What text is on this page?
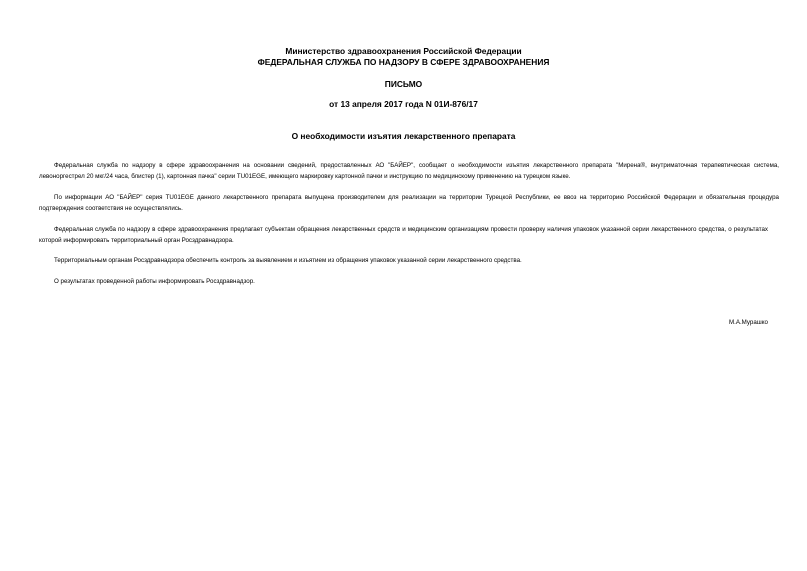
Министерство здравоохранения Российской Федерации
ФЕДЕРАЛЬНАЯ СЛУЖБА ПО НАДЗОРУ В СФЕРЕ ЗДРАВООХРАНЕНИЯ
ПИСЬМО
от 13 апреля 2017 года N 01И-876/17
О необходимости изъятия лекарственного препарата
Федеральная служба по надзору в сфере здравоохранения на основании сведений, предоставленных АО "БАЙЕР", сообщает о необходимости изъятия лекарственного препарата "Мирена®, внутриматочная терапевтическая система, левоноргестрел 20 мкг/24 часа, блистер (1), картонная пачка" серии TU01EGE, имеющего маркировку картонной пачки и инструкцию по медицинскому применению на турецком языке.
По информации АО "БАЙЕР" серия TU01EGE данного лекарственного препарата выпущена производителем для реализации на территории Турецкой Республики, ее ввоз на территорию Российской Федерации и обязательная процедура подтверждения соответствия не осуществлялись.
Федеральная служба по надзору в сфере здравоохранения предлагает субъектам обращения лекарственных средств и медицинским организациям провести проверку наличия упаковок указанной серии лекарственного средства, о результатах которой информировать территориальный орган Росздравнадзора.
Территориальным органам Росздравнадзора обеспечить контроль за выявлением и изъятием из обращения упаковок указанной серии лекарственного средства.
О результатах проведенной работы информировать Росздравнадзор.
М.А.Мурашко
